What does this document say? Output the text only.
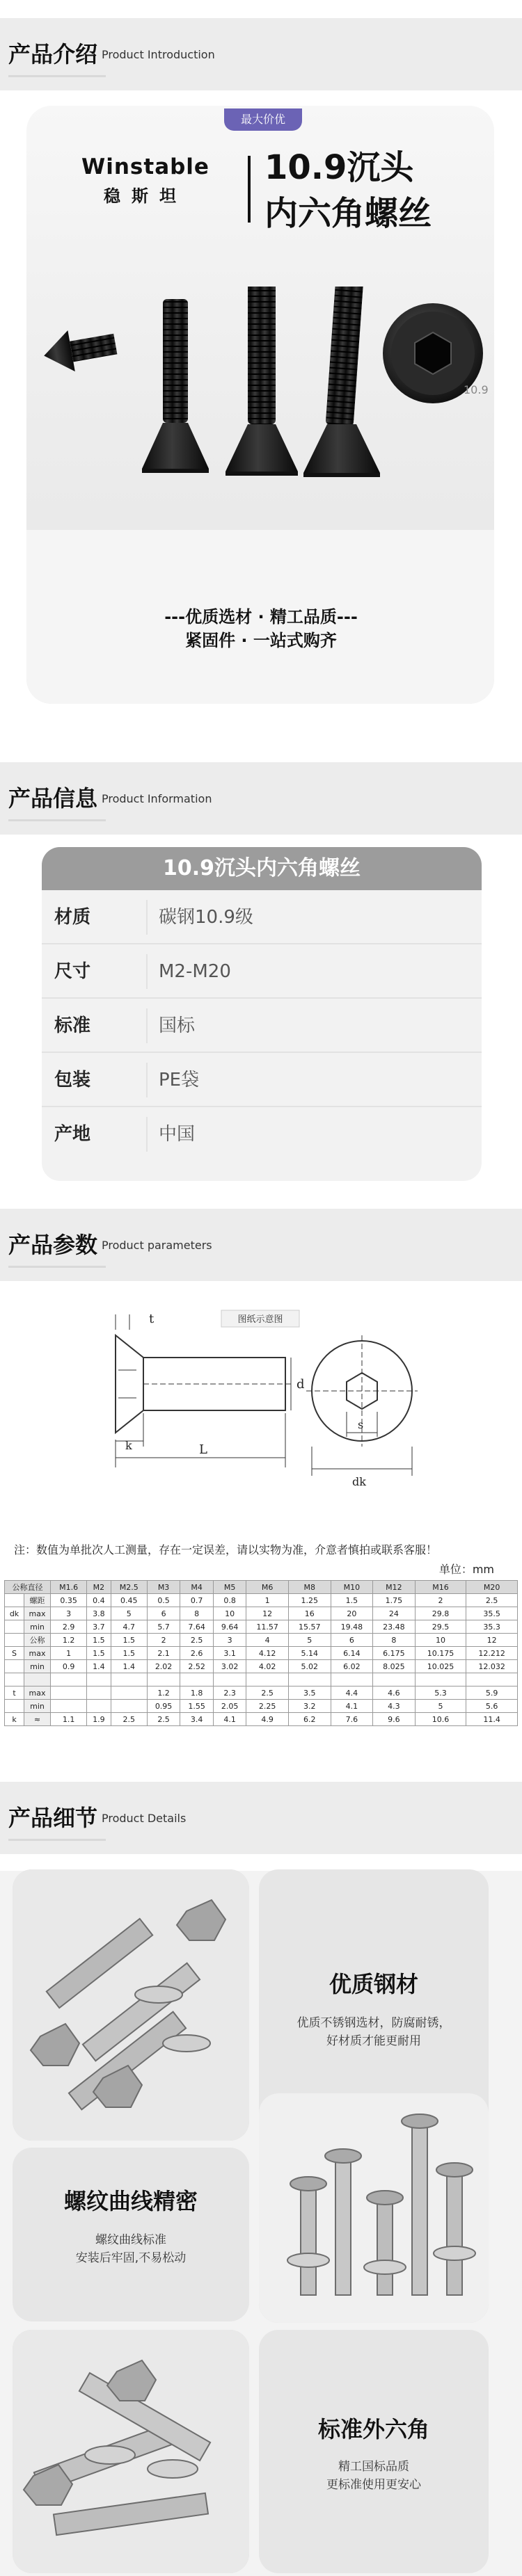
产品介绍 Product Introduction
最大价优
Winstable
稳斯坦
10.9沉头
内六角螺丝
10.9
---优质选材 · 精工品质---
紧固件 · 一站式购齐
产品信息 Product Information
10.9沉头内六角螺丝
材质	碳钢10.9级
尺寸	M2-M20
标准	国标
包装	PE袋
产地	中国
产品参数 Product parameters
图纸示意图
t
d
k	L
s
dk
注：数值为单批次人工测量，存在一定误差，请以实物为准，介意者慎拍或联系客服！
单位：mm
公称直径		M1.6	M2	M2.5	M3	M4	M5	M6	M8	M10	M12	M16	M20
	螺距	0.35	0.4	0.45	0.5	0.7	0.8	1	1.25	1.5	1.75	2	2.5
dk	max	3	3.8	5	6	8	10	12	16	20	24	29.8	35.5
	min	2.9	3.7	4.7	5.7	7.64	9.64	11.57	15.57	19.48	23.48	29.5	35.3
	公称	1.2	1.5	1.5	2	2.5	3	4	5	6	8	10	12
S	max	1	1.5	1.5	2.1	2.6	3.1	4.12	5.14	6.14	6.175	10.175	12.212
	min	0.9	1.4	1.4	2.02	2.52	3.02	4.02	5.02	6.02	8.025	10.025	12.032

t	max				1.2	1.8	2.3	2.5	3.5	4.4	4.6	5.3	5.9
	min				0.95	1.55	2.05	2.25	3.2	4.1	4.3	5	5.6
k	≈	1.1	1.9	2.5	2.5	3.4	4.1	4.9	6.2	7.6	9.6	10.6	11.4
产品细节 Product Details
优质钢材
优质不锈钢选材，防腐耐锈，
好材质才能更耐用
螺纹曲线精密
螺纹曲线标准
安装后牢固,不易松动
标准外六角
精工国标品质
更标准使用更安心
